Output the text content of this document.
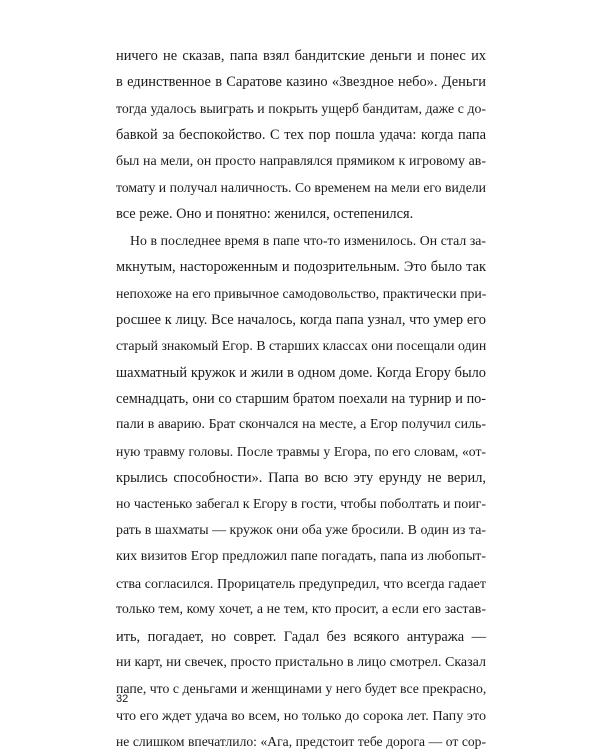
ничего не сказав, папа взял бандитские деньги и понес их
в единственное в Саратове казино «Звездное небо». Деньги
тогда удалось выиграть и покрыть ущерб бандитам, даже с до-
бавкой за беспокойство. С тех пор пошла удача: когда папа
был на мели, он просто направлялся прямиком к игровому ав-
томату и получал наличность. Со временем на мели его видели
все реже. Оно и понятно: женился, остепенился.
Но в последнее время в папе что-то изменилось. Он стал за-
мкнутым, настороженным и подозрительным. Это было так
непохоже на его привычное самодовольство, практически при-
росшее к лицу. Все началось, когда папа узнал, что умер его
старый знакомый Егор. В старших классах они посещали один
шахматный кружок и жили в одном доме. Когда Егору было
семнадцать, они со старшим братом поехали на турнир и по-
пали в аварию. Брат скончался на месте, а Егор получил силь-
ную травму головы. После травмы у Егора, по его словам, «от-
крылись способности». Папа во всю эту ерунду не верил,
но частенько забегал к Егору в гости, чтобы поболтать и поиг-
рать в шахматы — кружок они оба уже бросили. В один из та-
ких визитов Егор предложил папе погадать, папа из любопыт-
ства согласился. Прорицатель предупредил, что всегда гадает
только тем, кому хочет, а не тем, кто просит, а если его застав-
ить, погадает, но соврет. Гадал без всякого антуража —
ни карт, ни свечек, просто пристально в лицо смотрел. Сказал
папе, что с деньгами и женщинами у него будет все прекрасно,
что его ждет удача во всем, но только до сорока лет. Папу это
не слишком впечатлило: «Ага, предстоит тебе дорога — от сор-
32
